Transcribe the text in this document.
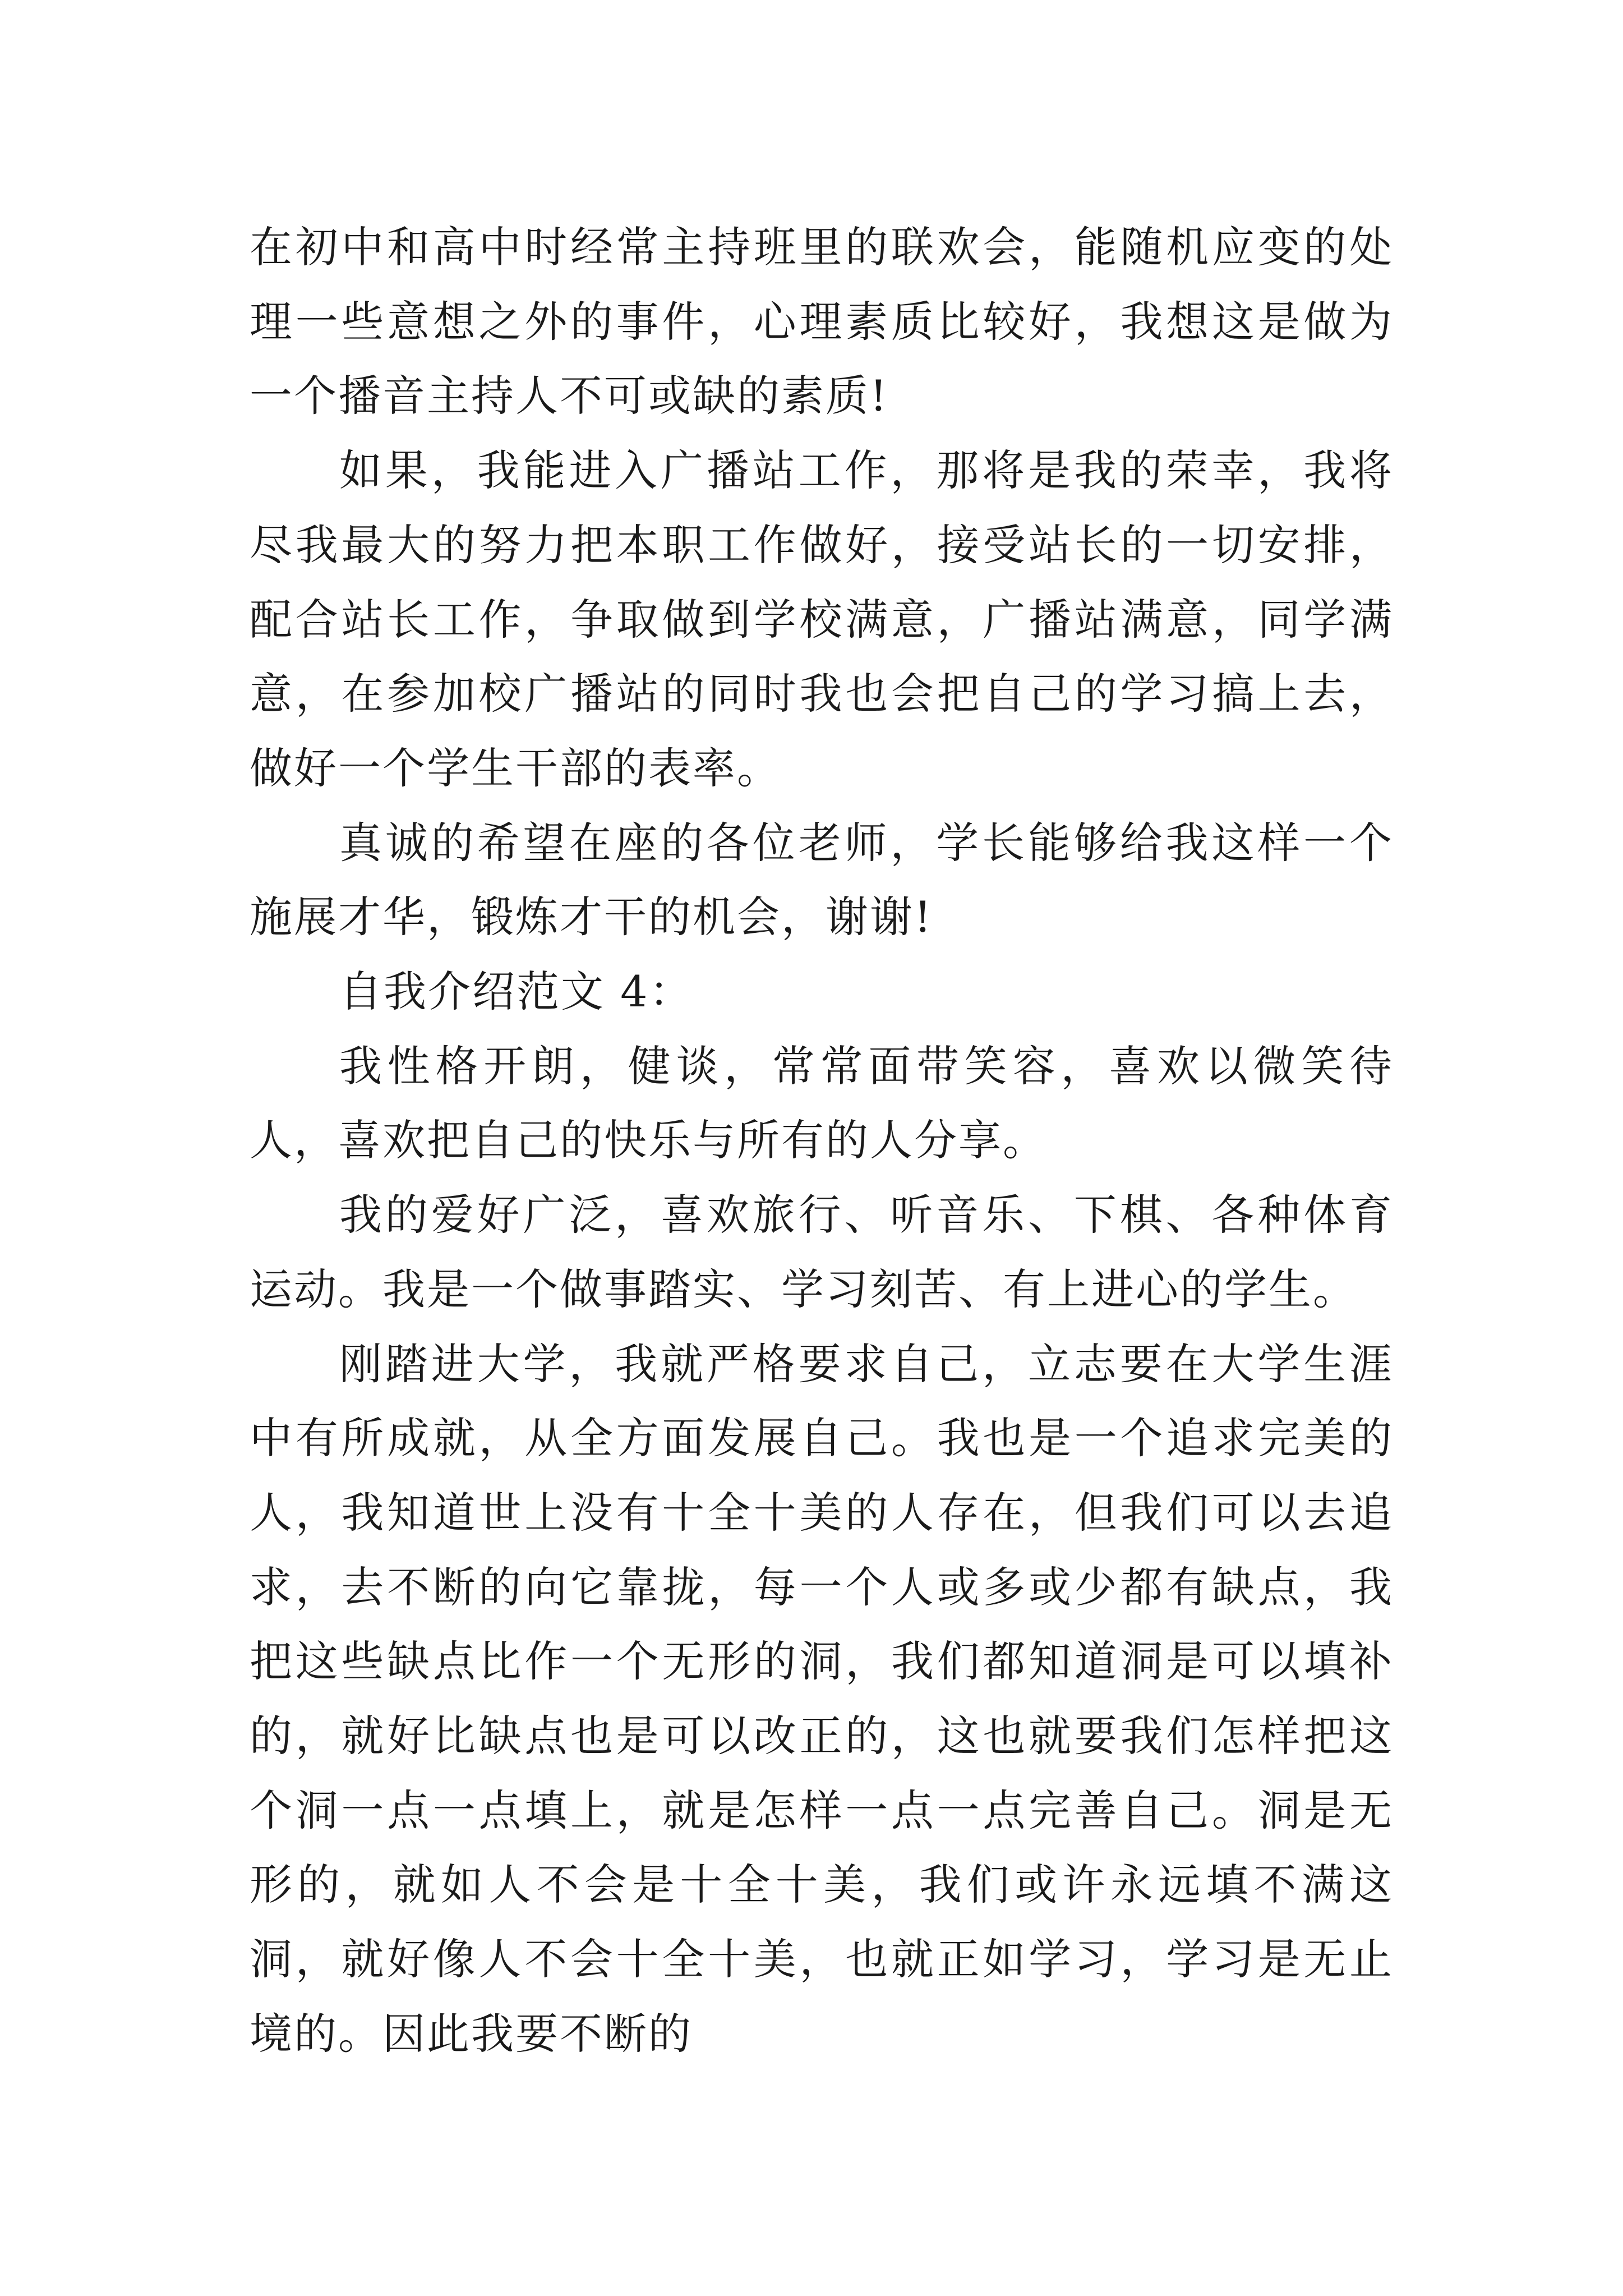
在初中和高中时经常主持班里的联欢会，能随机应变的处理一些意想之外的事件，心理素质比较好，我想这是做为一个播音主持人不可或缺的素质!

如果，我能进入广播站工作，那将是我的荣幸，我将尽我最大的努力把本职工作做好，接受站长的一切安排，配合站长工作，争取做到学校满意，广播站满意，同学满意，在参加校广播站的同时我也会把自己的学习搞上去，做好一个学生干部的表率。

真诚的希望在座的各位老师，学长能够给我这样一个施展才华，锻炼才干的机会，谢谢!

自我介绍范文 4：

我性格开朗，健谈，常常面带笑容，喜欢以微笑待人，喜欢把自己的快乐与所有的人分享。

我的爱好广泛，喜欢旅行、听音乐、下棋、各种体育运动。我是一个做事踏实、学习刻苦、有上进心的学生。

刚踏进大学，我就严格要求自己，立志要在大学生涯中有所成就，从全方面发展自己。我也是一个追求完美的人，我知道世上没有十全十美的人存在，但我们可以去追求，去不断的向它靠拢，每一个人或多或少都有缺点，我把这些缺点比作一个无形的洞，我们都知道洞是可以填补的，就好比缺点也是可以改正的，这也就要我们怎样把这个洞一点一点填上，就是怎样一点一点完善自己。洞是无形的，就如人不会是十全十美，我们或许永远填不满这洞，就好像人不会十全十美，也就正如学习，学习是无止境的。因此我要不断的
